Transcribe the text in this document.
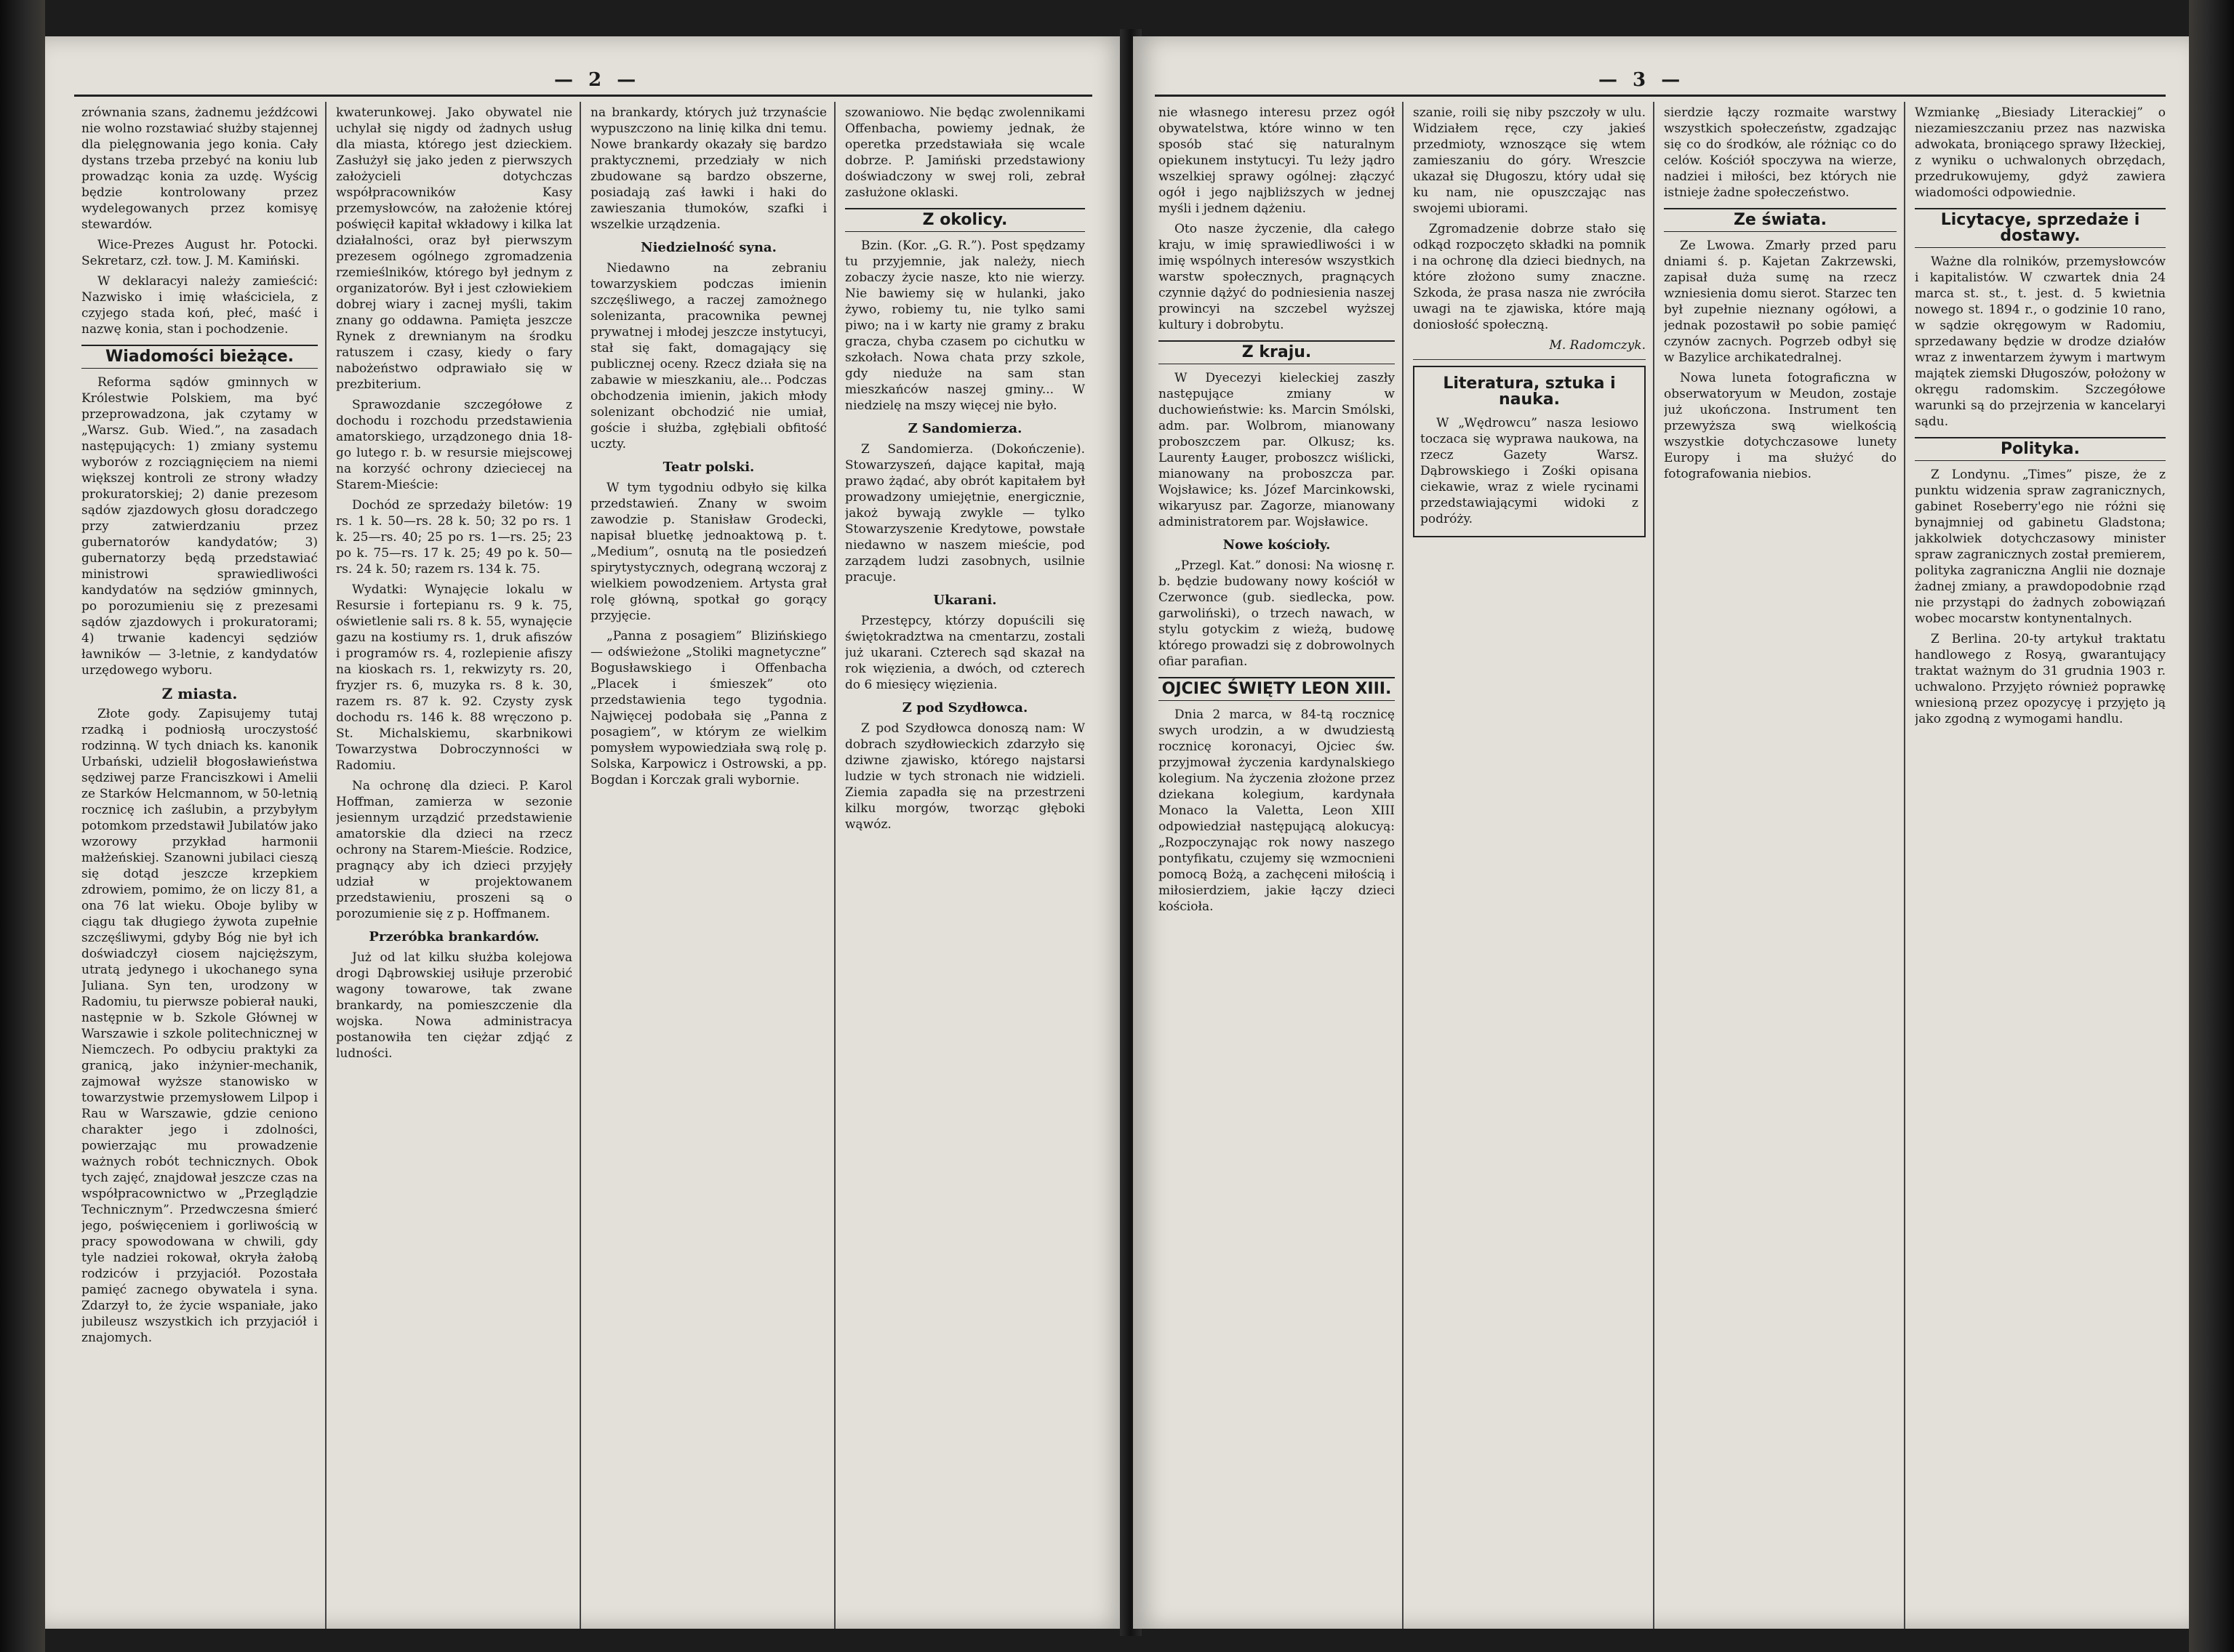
— 2 —

zrównania szans, żadnemu jeźdźcowi nie wolno rozstawiać służby stajennej dla pielęgnowania jego konia. Cały dystans trzeba przebyć na koniu lub prowadząc konia za uzdę. Wyścig będzie kontrolowany przez wydelegowanych przez komisyę stewardów.

Wice-Prezes August hr. Potocki. Sekretarz, czł. tow. J. M. Kamiński.

W deklaracyi należy zamieścić: Nazwisko i imię właściciela, z czyjego stada koń, płeć, maść i nazwę konia, stan i pochodzenie.

Wiadomości bieżące.

Reforma sądów gminnych w Królestwie Polskiem, ma być przeprowadzona, jak czytamy w „Warsz. Gub. Wied.”, na zasadach następujących: 1) zmiany systemu wyborów z rozciągnięciem na niemi większej kontroli ze strony władzy prokuratorskiej; 2) danie prezesom sądów zjazdowych głosu doradczego przy zatwierdzaniu przez gubernatorów kandydatów; 3) gubernatorzy będą przedstawiać ministrowi sprawiedliwości kandydatów na sędziów gminnych, po porozumieniu się z prezesami sądów zjazdowych i prokuratorami; 4) trwanie kadencyi sędziów ławników — 3-letnie, z kandydatów urzędowego wyboru.

Z miasta.

Złote gody. Zapisujemy tutaj rzadką i podniosłą uroczystość rodzinną. W tych dniach ks. kanonik Urbański, udzielił błogosławieństwa sędziwej parze Franciszkowi i Amelii ze Starków Helcmannom, w 50-letnią rocznicę ich zaślubin, a przybyłym potomkom przedstawił Jubilatów jako wzorowy przykład harmonii małżeńskiej. Szanowni jubilaci cieszą się dotąd jeszcze krzepkiem zdrowiem, pomimo, że on liczy 81, a ona 76 lat wieku. Oboje byliby w ciągu tak długiego żywota zupełnie szczęśliwymi, gdyby Bóg nie był ich doświadczył ciosem najcięższym, utratą jedynego i ukochanego syna Juliana. Syn ten, urodzony w Radomiu, tu pierwsze pobierał nauki, następnie w b. Szkole Głównej w Warszawie i szkole politechnicznej w Niemczech. Po odbyciu praktyki za granicą, jako inżynier-mechanik, zajmował wyższe stanowisko w towarzystwie przemysłowem Lilpop i Rau w Warszawie, gdzie ceniono charakter jego i zdolności, powierzając mu prowadzenie ważnych robót technicznych. Obok tych zajęć, znajdował jeszcze czas na współpracownictwo w „Przeglądzie Technicznym”. Przedwczesna śmierć jego, poświęceniem i gorliwością w pracy spowodowana w chwili, gdy tyle nadziei rokował, okryła żałobą rodziców i przyjaciół. Pozostała pamięć zacnego obywatela i syna. Zdarzył to, że życie wspaniałe, jako jubileusz wszystkich ich przyjaciół i znajomych.

kwaterunkowej. Jako obywatel nie uchylał się nigdy od żadnych usług dla miasta, którego jest dzieckiem. Zasłużył się jako jeden z pierwszych założycieli dotychczas współpracowników Kasy przemysłowców, na założenie której poświęcił kapitał wkładowy i kilka lat działalności, oraz był pierwszym prezesem ogólnego zgromadzenia rzemieślników, którego był jednym z organizatorów. Był i jest człowiekiem dobrej wiary i zacnej myśli, takim znany go oddawna. Pamięta jeszcze Rynek z drewnianym na środku ratuszem i czasy, kiedy o fary nabożeństwo odprawiało się w prezbiterium.

Sprawozdanie szczegółowe z dochodu i rozchodu przedstawienia amatorskiego, urządzonego dnia 18-go lutego r. b. w resursie miejscowej na korzyść ochrony dzieciecej na Starem-Mieście:

Dochód ze sprzedaży biletów: 19 rs. 1 k. 50—rs. 28 k. 50; 32 po rs. 1 k. 25—rs. 40; 25 po rs. 1—rs. 25; 23 po k. 75—rs. 17 k. 25; 49 po k. 50—rs. 24 k. 50; razem rs. 134 k. 75.

Wydatki: Wynajęcie lokalu w Resursie i fortepianu rs. 9 k. 75, oświetlenie sali rs. 8 k. 55, wynajęcie gazu na kostiumy rs. 1, druk afiszów i programów rs. 4, rozlepienie afiszy na kioskach rs. 1, rekwizyty rs. 20, fryzjer rs. 6, muzyka rs. 8 k. 30, razem rs. 87 k. 92. Czysty zysk dochodu rs. 146 k. 88 wręczono p. St. Michalskiemu, skarbnikowi Towarzystwa Dobroczynności w Radomiu.

Na ochronę dla dzieci. P. Karol Hoffman, zamierza w sezonie jesiennym urządzić przedstawienie amatorskie dla dzieci na rzecz ochrony na Starem-Mieście. Rodzice, pragnący aby ich dzieci przyjęły udział w projektowanem przedstawieniu, proszeni są o porozumienie się z p. Hoffmanem.

Przeróbka brankardów.

Już od lat kilku służba kolejowa drogi Dąbrowskiej usiłuje przerobić wagony towarowe, tak zwane brankardy, na pomieszczenie dla wojska. Nowa administracya postanowiła ten ciężar zdjąć z ludności.

na brankardy, których już trzynaście wypuszczono na linię kilka dni temu. Nowe brankardy okazały się bardzo praktycznemi, przedziały w nich zbudowane są bardzo obszerne, posiadają zaś ławki i haki do zawieszania tłumoków, szafki i wszelkie urządzenia.

Niedzielność syna.

Niedawno na zebraniu towarzyskiem podczas imienin szczęśliwego, a raczej zamożnego solenizanta, pracownika pewnej prywatnej i młodej jeszcze instytucyi, stał się fakt, domagający się publicznej oceny. Rzecz działa się na zabawie w mieszkaniu, ale... Podczas obchodzenia imienin, jakich młody solenizant obchodzić nie umiał, goście i służba, zgłębiali obfitość uczty.

Teatr polski.

W tym tygodniu odbyło się kilka przedstawień. Znany w swoim zawodzie p. Stanisław Grodecki, napisał bluetkę jednoaktową p. t. „Medium”, osnutą na tle posiedzeń spirytystycznych, odegraną wczoraj z wielkiem powodzeniem. Artysta grał rolę główną, spotkał go gorący przyjęcie.

„Panna z posagiem” Blizińskiego — odświeżone „Stoliki magnetyczne” Bogusławskiego i Offenbacha „Placek i śmieszek” oto przedstawienia tego tygodnia. Najwięcej podobała się „Panna z posagiem”, w którym ze wielkim pomysłem wypowiedziała swą rolę p. Solska, Karpowicz i Ostrowski, a pp. Bogdan i Korczak grali wybornie.

szowaniowo. Nie będąc zwolennikami Offenbacha, powiemy jednak, że operetka przedstawiała się wcale dobrze. P. Jamiński przedstawiony doświadczony w swej roli, zebrał zasłużone oklaski.

Z okolicy.

Bzin. (Kor. „G. R.”). Post spędzamy tu przyjemnie, jak należy, niech zobaczy życie nasze, kto nie wierzy. Nie bawiemy się w hulanki, jako żywo, robiemy tu, nie tylko sami piwo; na i w karty nie gramy z braku gracza, chyba czasem po cichutku w szkołach. Nowa chata przy szkole, gdy nieduże na sam stan mieszkańców naszej gminy... W niedzielę na mszy więcej nie było.

Z Sandomierza.

Z Sandomierza. (Dokończenie). Stowarzyszeń, dające kapitał, mają prawo żądać, aby obrót kapitałem był prowadzony umiejętnie, energicznie, jakoż bywają zwykle — tylko Stowarzyszenie Kredytowe, powstałe niedawno w naszem mieście, pod zarządem ludzi zasobnych, usilnie pracuje.

Ukarani.

Przestępcy, którzy dopuścili się świętokradztwa na cmentarzu, zostali już ukarani. Czterech sąd skazał na rok więzienia, a dwóch, od czterech do 6 miesięcy więzienia.

Z pod Szydłowca.

Z pod Szydłowca donoszą nam: W dobrach szydłowieckich zdarzyło się dziwne zjawisko, którego najstarsi ludzie w tych stronach nie widzieli. Ziemia zapadła się na przestrzeni kilku morgów, tworząc głęboki wąwóz.

— 3 —

nie własnego interesu przez ogół obywatelstwa, które winno w ten sposób stać się naturalnym opiekunem instytucyi. Tu leży jądro wszelkiej sprawy ogólnej: złączyć ogół i jego najbliższych w jednej myśli i jednem dążeniu.

Oto nasze życzenie, dla całego kraju, w imię sprawiedliwości i w imię wspólnych interesów wszystkich warstw społecznych, pragnących czynnie dążyć do podniesienia naszej prowincyi na szczebel wyższej kultury i dobrobytu.

Z kraju.

W Dyecezyi kieleckiej zaszły następujące zmiany w duchowieństwie: ks. Marcin Smólski, adm. par. Wolbrom, mianowany proboszczem par. Olkusz; ks. Laurenty Łauger, proboszcz wiślicki, mianowany na proboszcza par. Wojsławice; ks. Józef Marcinkowski, wikaryusz par. Zagorze, mianowany administratorem par. Wojsławice.

Nowe kościoły.

„Przegl. Kat.” donosi: Na wiosnę r. b. będzie budowany nowy kościół w Czerwonce (gub. siedlecka, pow. garwoliński), o trzech nawach, w stylu gotyckim z wieżą, budowę którego prowadzi się z dobrowolnych ofiar parafian.

OJCIEC ŚWIĘTY LEON XIII.

Dnia 2 marca, w 84-tą rocznicę swych urodzin, a w dwudziestą rocznicę koronacyi, Ojciec św. przyjmował życzenia kardynalskiego kolegium. Na życzenia złożone przez dziekana kolegium, kardynała Monaco la Valetta, Leon XIII odpowiedział następującą alokucyą: „Rozpoczynając rok nowy naszego pontyfikatu, czujemy się wzmocnieni pomocą Bożą, a zachęceni miłością i miłosierdziem, jakie łączy dzieci kościoła.

szanie, roili się niby pszczoły w ulu. Widziałem ręce, czy jakieś przedmioty, wznoszące się wtem zamieszaniu do góry. Wreszcie ukazał się Długoszu, który udał się ku nam, nie opuszczając nas swojemi ubiorami.

Zgromadzenie dobrze stało się odkąd rozpoczęto składki na pomnik i na ochronę dla dzieci biednych, na które złożono sumy znaczne. Szkoda, że prasa nasza nie zwróciła uwagi na te zjawiska, które mają doniosłość społeczną.

M. Radomczyk.

Literatura, sztuka i nauka.

W „Wędrowcu” nasza lesiowo toczaca się wyprawa naukowa, na rzecz Gazety Warsz. Dąbrowskiego i Zośki opisana ciekawie, wraz z wiele rycinami przedstawiającymi widoki z podróży.

sierdzie łączy rozmaite warstwy wszystkich społeczeństw, zgadzając się co do środków, ale różniąc co do celów. Kościół spoczywa na wierze, nadziei i miłości, bez których nie istnieje żadne społeczeństwo.

Ze świata.

Ze Lwowa. Zmarły przed paru dniami ś. p. Kajetan Zakrzewski, zapisał duża sumę na rzecz wzniesienia domu sierot. Starzec ten był zupełnie nieznany ogółowi, a jednak pozostawił po sobie pamięć czynów zacnych. Pogrzeb odbył się w Bazylice archikatedralnej.

Nowa luneta fotograficzna w obserwatoryum w Meudon, zostaje już ukończona. Instrument ten przewyższa swą wielkością wszystkie dotychczasowe lunety Europy i ma służyć do fotografowania niebios.

Wzmiankę „Biesiady Literackiej” o niezamieszczaniu przez nas nazwiska adwokata, broniącego sprawy Iłżeckiej, z wyniku o uchwalonych obrzędach, przedrukowujemy, gdyż zawiera wiadomości odpowiednie.

Licytacye, sprzedaże i dostawy.

Ważne dla rolników, przemysłowców i kapitalistów. W czwartek dnia 24 marca st. st., t. jest. d. 5 kwietnia nowego st. 1894 r., o godzinie 10 rano, w sądzie okręgowym w Radomiu, sprzedawany będzie w drodze działów wraz z inwentarzem żywym i martwym majątek ziemski Długoszów, położony w okręgu radomskim. Szczegółowe warunki są do przejrzenia w kancelaryi sądu.

Polityka.

Z Londynu. „Times” pisze, że z punktu widzenia spraw zagranicznych, gabinet Roseberry'ego nie różni się bynajmniej od gabinetu Gladstona; jakkolwiek dotychczasowy minister spraw zagranicznych został premierem, polityka zagraniczna Anglii nie doznaje żadnej zmiany, a prawdopodobnie rząd nie przystąpi do żadnych zobowiązań wobec mocarstw kontynentalnych.

Z Berlina. 20-ty artykuł traktatu handlowego z Rosyą, gwarantujący traktat ważnym do 31 grudnia 1903 r. uchwalono. Przyjęto również poprawkę wniesioną przez opozycyę i przyjęto ją jako zgodną z wymogami handlu.
